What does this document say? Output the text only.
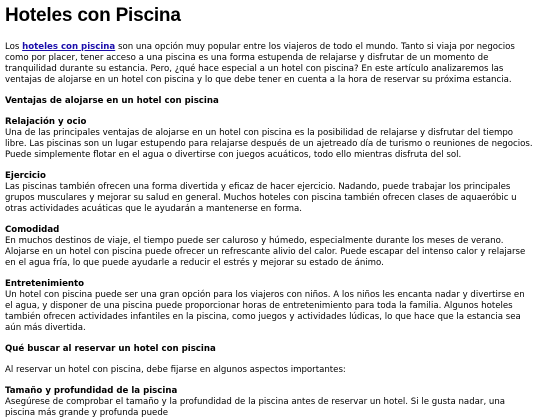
Hoteles con Piscina

Los hoteles con piscina son una opción muy popular entre los viajeros de todo el mundo. Tanto si viaja por negocios como por placer, tener acceso a una piscina es una forma estupenda de relajarse y disfrutar de un momento de tranquilidad durante su estancia. Pero, ¿qué hace especial a un hotel con piscina? En este artículo analizaremos las ventajas de alojarse en un hotel con piscina y lo que debe tener en cuenta a la hora de reservar su próxima estancia.

Ventajas de alojarse en un hotel con piscina

Relajación y ocio
Una de las principales ventajas de alojarse en un hotel con piscina es la posibilidad de relajarse y disfrutar del tiempo libre. Las piscinas son un lugar estupendo para relajarse después de un ajetreado día de turismo o reuniones de negocios. Puede simplemente flotar en el agua o divertirse con juegos acuáticos, todo ello mientras disfruta del sol.

Ejercicio
Las piscinas también ofrecen una forma divertida y eficaz de hacer ejercicio. Nadando, puede trabajar los principales grupos musculares y mejorar su salud en general. Muchos hoteles con piscina también ofrecen clases de aquaeróbic u otras actividades acuáticas que le ayudarán a mantenerse en forma.

Comodidad
En muchos destinos de viaje, el tiempo puede ser caluroso y húmedo, especialmente durante los meses de verano. Alojarse en un hotel con piscina puede ofrecer un refrescante alivio del calor. Puede escapar del intenso calor y relajarse en el agua fría, lo que puede ayudarle a reducir el estrés y mejorar su estado de ánimo.

Entretenimiento
Un hotel con piscina puede ser una gran opción para los viajeros con niños. A los niños les encanta nadar y divertirse en el agua, y disponer de una piscina puede proporcionar horas de entretenimiento para toda la familia. Algunos hoteles también ofrecen actividades infantiles en la piscina, como juegos y actividades lúdicas, lo que hace que la estancia sea aún más divertida.

Qué buscar al reservar un hotel con piscina

Al reservar un hotel con piscina, debe fijarse en algunos aspectos importantes:

Tamaño y profundidad de la piscina
Asegúrese de comprobar el tamaño y la profundidad de la piscina antes de reservar un hotel. Si le gusta nadar, una piscina más grande y profunda puede
